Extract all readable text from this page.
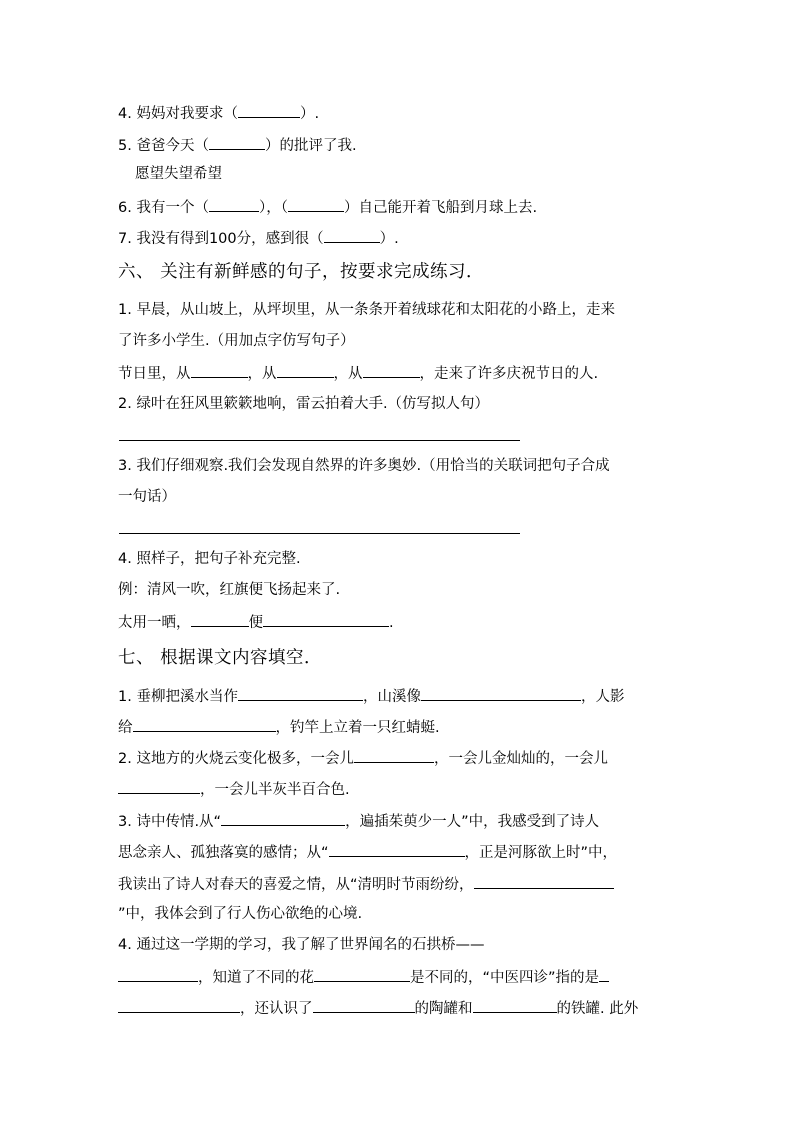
4. 妈妈对我要求（	）.
5. 爸爸今天（	）的批评了我.
愿望失望希望
6. 我有一个（	），（	）自己能开着飞船到月球上去.
7. 我没有得到100分，感到很（	）.
六、 关注有新鲜感的句子，按要求完成练习．
1. 早晨，从山坡上，从坪坝里，从一条条开着绒球花和太阳花的小路上，走来
了许多小学生.（用加点字仿写句子）
节日里，从	，从	，从	，走来了许多庆祝节日的人.
2. 绿叶在狂风里簌簌地响，雷云拍着大手.（仿写拟人句）
3. 我们仔细观察.我们会发现自然界的许多奥妙.（用恰当的关联词把句子合成
一句话）
4. 照样子，把句子补充完整.
例：清风一吹，红旗便飞扬起来了.
太用一晒，	便	.
七、 根据课文内容填空．
1. 垂柳把溪水当作	，山溪像	，人影
给	，钓竿上立着一只红蜻蜓.
2. 这地方的火烧云变化极多，一会儿	，一会儿金灿灿的，一会儿
，一会儿半灰半百合色.
3. 诗中传情.从“	，遍插茱萸少一人”中，我感受到了诗人
思念亲人、孤独落寞的感情；从“	，正是河豚欲上时”中，
我读出了诗人对春天的喜爱之情，从“清明时节雨纷纷，
”中，我体会到了行人伤心欲绝的心境.
4. 通过这一学期的学习，我了解了世界闻名的石拱桥——
，知道了不同的花	是不同的，“中医四诊”指的是
，还认识了	的陶罐和	的铁罐. 此外
